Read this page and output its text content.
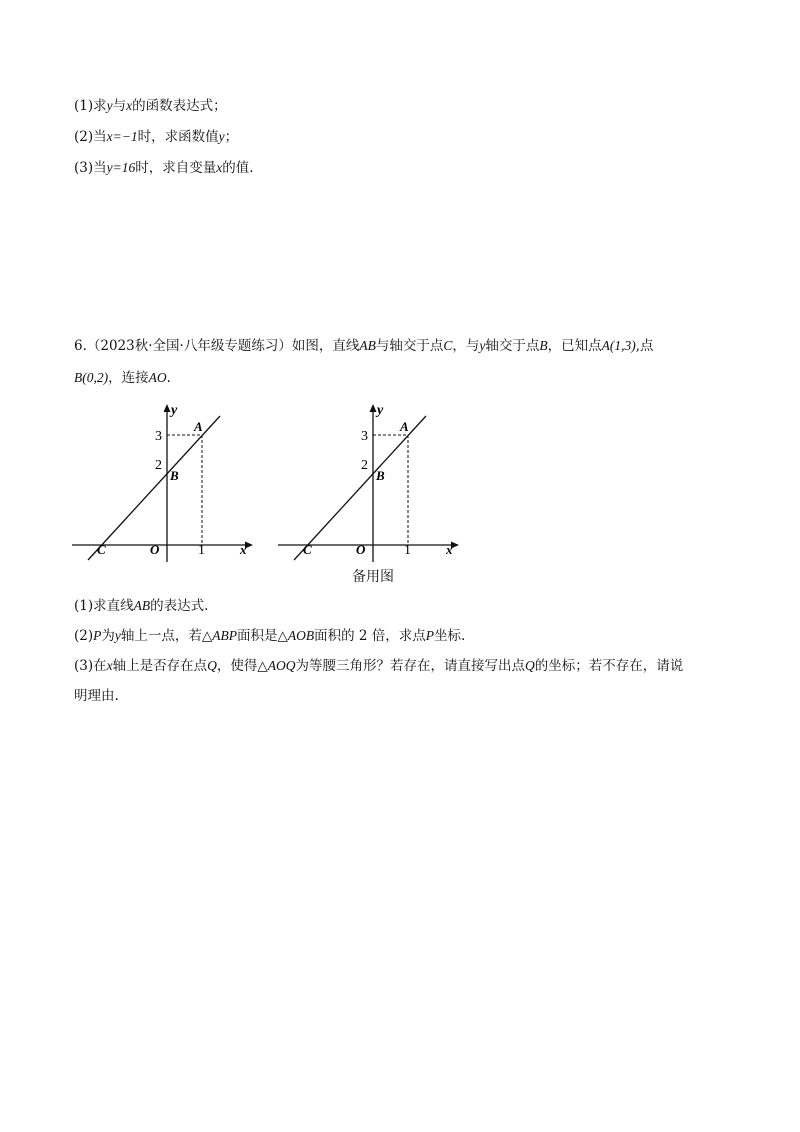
(1)求y与x的函数表达式；
(2)当x=−1时，求函数值y；
(3)当y=16时，求自变量x的值.
6.（2023秋·全国·八年级专题练习）如图，直线AB与轴交于点C，与y轴交于点B，已知点A(1,3),点
B(0,2)，连接AO.
y
x
A
B
C	O
3
2
1
y
x
A
B
C	O
3
2
1
备用图
(1)求直线AB的表达式.
(2)P为y轴上一点，若△ABP面积是△AOB面积的 2 倍，求点P坐标.
(3)在x轴上是否存在点Q，使得△AOQ为等腰三角形？若存在，请直接写出点Q的坐标；若不存在，请说
明理由.
